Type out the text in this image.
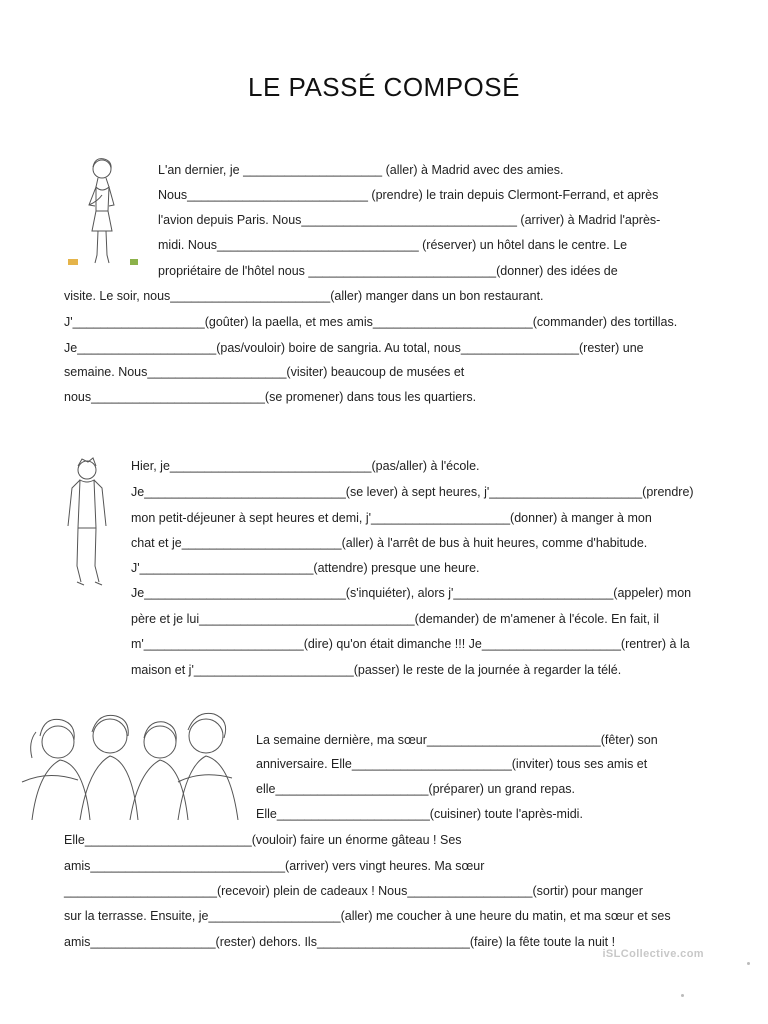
LE PASSÉ COMPOSÉ
L'an dernier, je ____________________ (aller) à Madrid avec des amies.
Nous__________________________ (prendre) le train depuis Clermont-Ferrand, et après
l'avion depuis Paris. Nous_______________________________ (arriver) à Madrid l'après-
midi. Nous_____________________________ (réserver) un hôtel dans le centre. Le
propriétaire de l'hôtel nous ___________________________(donner) des idées de
visite. Le soir, nous_______________________(aller) manger dans un bon restaurant.
J'___________________(goûter) la paella, et mes amis_______________________(commander) des tortillas.
Je____________________(pas/vouloir) boire de sangria. Au total, nous_________________(rester) une
semaine. Nous____________________(visiter) beaucoup de musées et
nous_________________________(se promener) dans tous les quartiers.
Hier, je_____________________________(pas/aller) à l'école.
Je_____________________________(se lever) à sept heures, j'______________________(prendre)
mon petit-déjeuner à sept heures et demi, j'____________________(donner) à manger à mon
chat et je_______________________(aller) à l'arrêt de bus à huit heures, comme d'habitude.
J'_________________________(attendre) presque une heure.
Je_____________________________(s'inquiéter), alors j'_______________________(appeler) mon
père et je lui_______________________________(demander) de m'amener à l'école. En fait, il
m'_______________________(dire) qu'on était dimanche !!! Je____________________(rentrer) à la
maison et j'_______________________(passer) le reste de la journée à regarder la télé.
La semaine dernière, ma sœur_________________________(fêter) son
anniversaire. Elle_______________________(inviter) tous ses amis et
elle______________________(préparer) un grand repas.
Elle______________________(cuisiner) toute l'après-midi.
Elle________________________(vouloir) faire un énorme gâteau ! Ses
amis____________________________(arriver) vers vingt heures. Ma sœur
______________________(recevoir) plein de cadeaux ! Nous__________________(sortir) pour manger
sur la terrasse. Ensuite, je___________________(aller) me coucher à une heure du matin, et ma sœur et ses
amis__________________(rester) dehors. Ils______________________(faire) la fête toute la nuit !
iSLCollective.com
